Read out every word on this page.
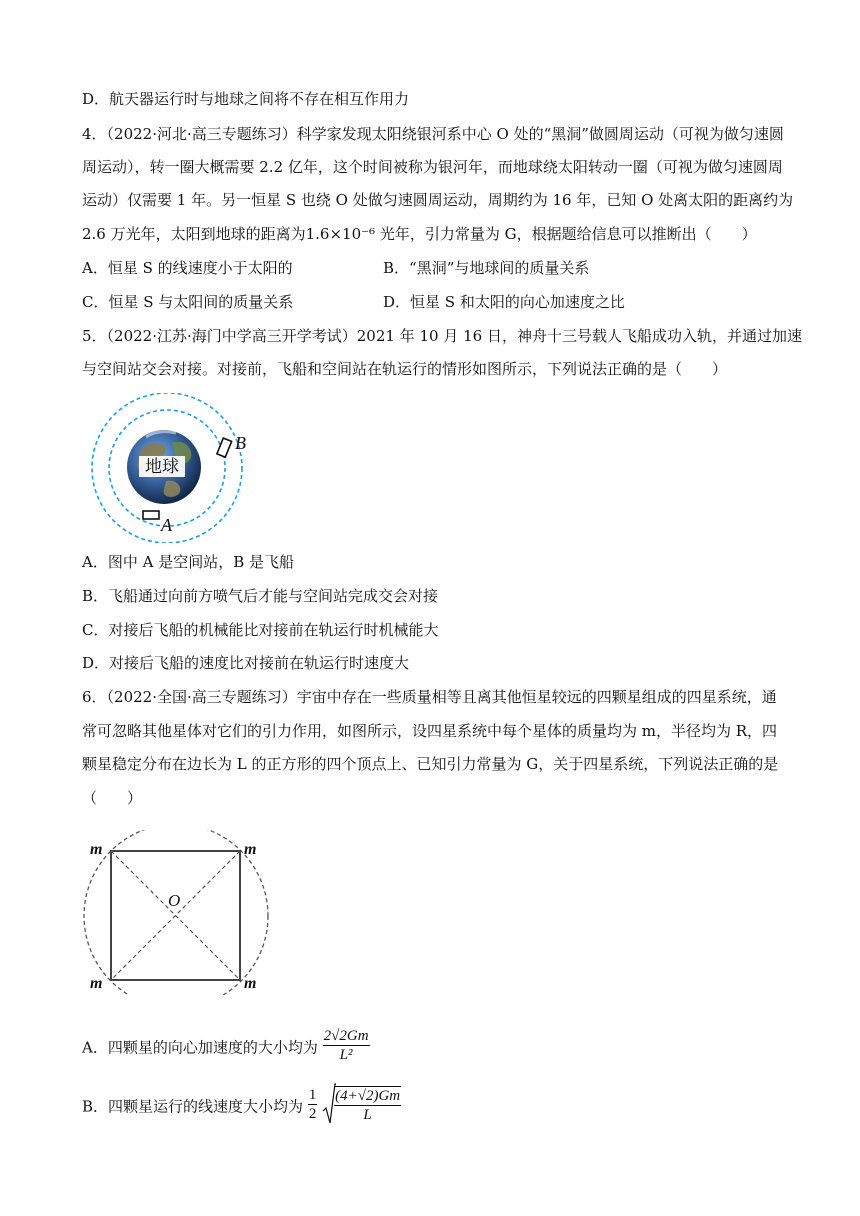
D．航天器运行时与地球之间将不存在相互作用力
4．（2022·河北·高三专题练习）科学家发现太阳绕银河系中心 O 处的“黑洞”做圆周运动（可视为做匀速圆
周运动），转一圈大概需要 2.2 亿年，这个时间被称为银河年，而地球绕太阳转动一圈（可视为做匀速圆周
运动）仅需要 1 年。另一恒星 S 也绕 O 处做匀速圆周运动，周期约为 16 年，已知 O 处离太阳的距离约为
2.6 万光年，太阳到地球的距离为1.6×10⁻⁶ 光年，引力常量为 G，根据题给信息可以推断出（　　）
A．恒星 S 的线速度小于太阳的	B．“黑洞”与地球间的质量关系
C．恒星 S 与太阳间的质量关系	D．恒星 S 和太阳的向心加速度之比
5．（2022·江苏·海门中学高三开学考试）2021 年 10 月 16 日，神舟十三号载人飞船成功入轨，并通过加速
与空间站交会对接。对接前，飞船和空间站在轨运行的情形如图所示，下列说法正确的是（　　）
地球
B
A
A．图中 A 是空间站，B 是飞船
B．飞船通过向前方喷气后才能与空间站完成交会对接
C．对接后飞船的机械能比对接前在轨运行时机械能大
D．对接后飞船的速度比对接前在轨运行时速度大
6．（2022·全国·高三专题练习）宇宙中存在一些质量相等且离其他恒星较远的四颗星组成的四星系统，通
常可忽略其他星体对它们的引力作用，如图所示，设四星系统中每个星体的质量均为 m，半径均为 R，四
颗星稳定分布在边长为 L 的正方形的四个顶点上、已知引力常量为 G，关于四星系统，下列说法正确的是
（　　）
m	m
m	m
O
A．四颗星的向心加速度的大小均为 $\frac{2√2Gm}{\text{L²}}$
B．四颗星运行的线速度大小均为 $\frac{1}{2}$
$\frac{(4+√2)Gm}{L}$
